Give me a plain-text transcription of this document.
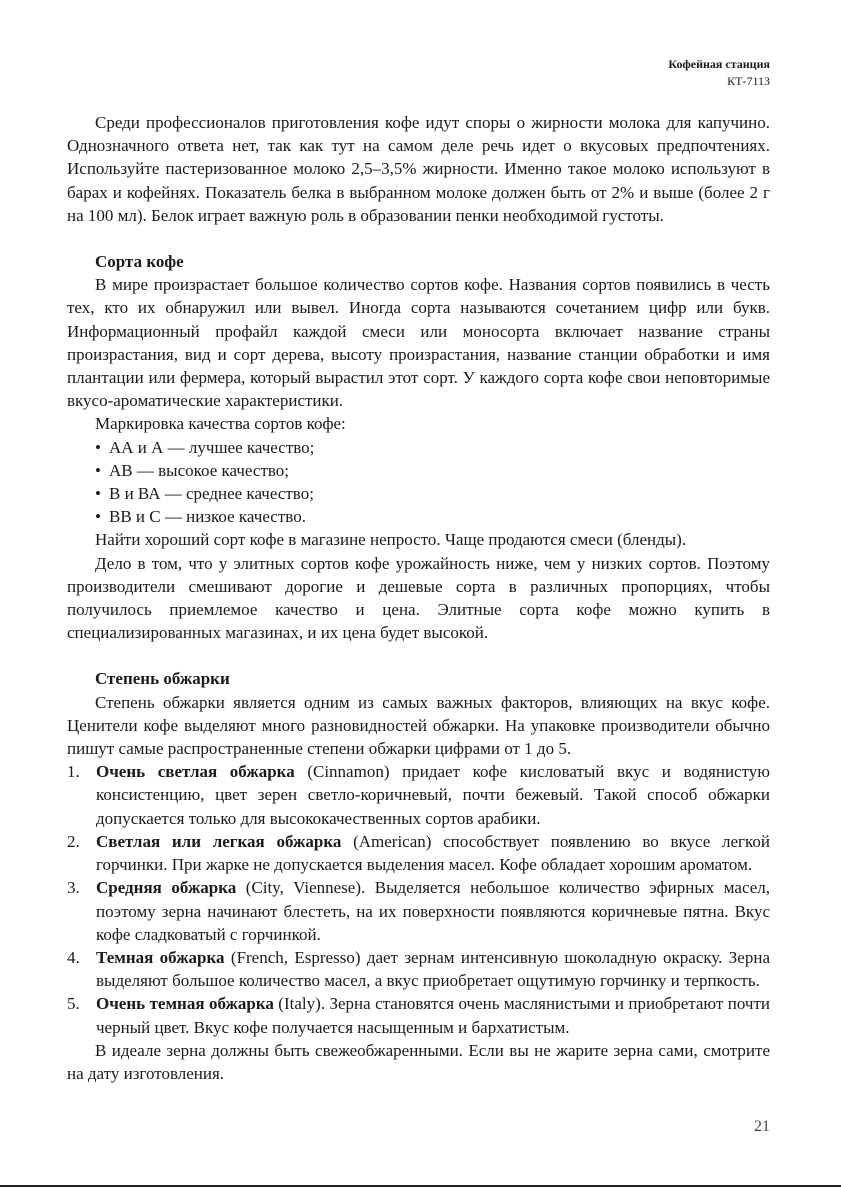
Кофейная станция
КТ-7113

Среди профессионалов приготовления кофе идут споры о жирности молока для капучино. Однозначного ответа нет, так как тут на самом деле речь идет о вкусовых предпочтениях. Используйте пастеризованное молоко 2,5–3,5% жирности. Именно такое молоко используют в барах и кофейнях. Показатель белка в выбранном молоке должен быть от 2% и выше (более 2 г на 100 мл). Белок играет важную роль в образовании пенки необходимой густоты.

Сорта кофе

В мире произрастает большое количество сортов кофе. Названия сортов появились в честь тех, кто их обнаружил или вывел. Иногда сорта называются сочетанием цифр или букв. Информационный профайл каждой смеси или моносорта включает название страны произрастания, вид и сорт дерева, высоту произрастания, название станции обработки и имя плантации или фермера, который вырастил этот сорт. У каждого сорта кофе свои неповторимые вкусо-ароматические характеристики.

Маркировка качества сортов кофе:

• АА и А — лучшее качество;

• АВ — высокое качество;

• В и ВА — среднее качество;

• ВВ и С — низкое качество.

Найти хороший сорт кофе в магазине непросто. Чаще продаются смеси (бленды).

Дело в том, что у элитных сортов кофе урожайность ниже, чем у низких сортов. Поэтому производители смешивают дорогие и дешевые сорта в различных пропорциях, чтобы получилось приемлемое качество и цена. Элитные сорта кофе можно купить в специализированных магазинах, и их цена будет высокой.

Степень обжарки

Степень обжарки является одним из самых важных факторов, влияющих на вкус кофе. Ценители кофе выделяют много разновидностей обжарки. На упаковке производители обычно пишут самые распространенные степени обжарки цифрами от 1 до 5.

1. Очень светлая обжарка (Cinnamon) придает кофе кисловатый вкус и водянистую консистенцию, цвет зерен светло-коричневый, почти бежевый. Такой способ обжарки допускается только для высококачественных сортов арабики.

2. Светлая или легкая обжарка (American) способствует появлению во вкусе легкой горчинки. При жарке не допускается выделения масел. Кофе обладает хорошим ароматом.

3. Средняя обжарка (City, Viennese). Выделяется небольшое количество эфирных масел, поэтому зерна начинают блестеть, на их поверхности появляются коричневые пятна. Вкус кофе сладковатый с горчинкой.

4. Темная обжарка (French, Espresso) дает зернам интенсивную шоколадную окраску. Зерна выделяют большое количество масел, а вкус приобретает ощутимую горчинку и терпкость.

5. Очень темная обжарка (Italy). Зерна становятся очень маслянистыми и приобретают почти черный цвет. Вкус кофе получается насыщенным и бархатистым.

В идеале зерна должны быть свежеобжаренными. Если вы не жарите зерна сами, смотрите на дату изготовления.

21
